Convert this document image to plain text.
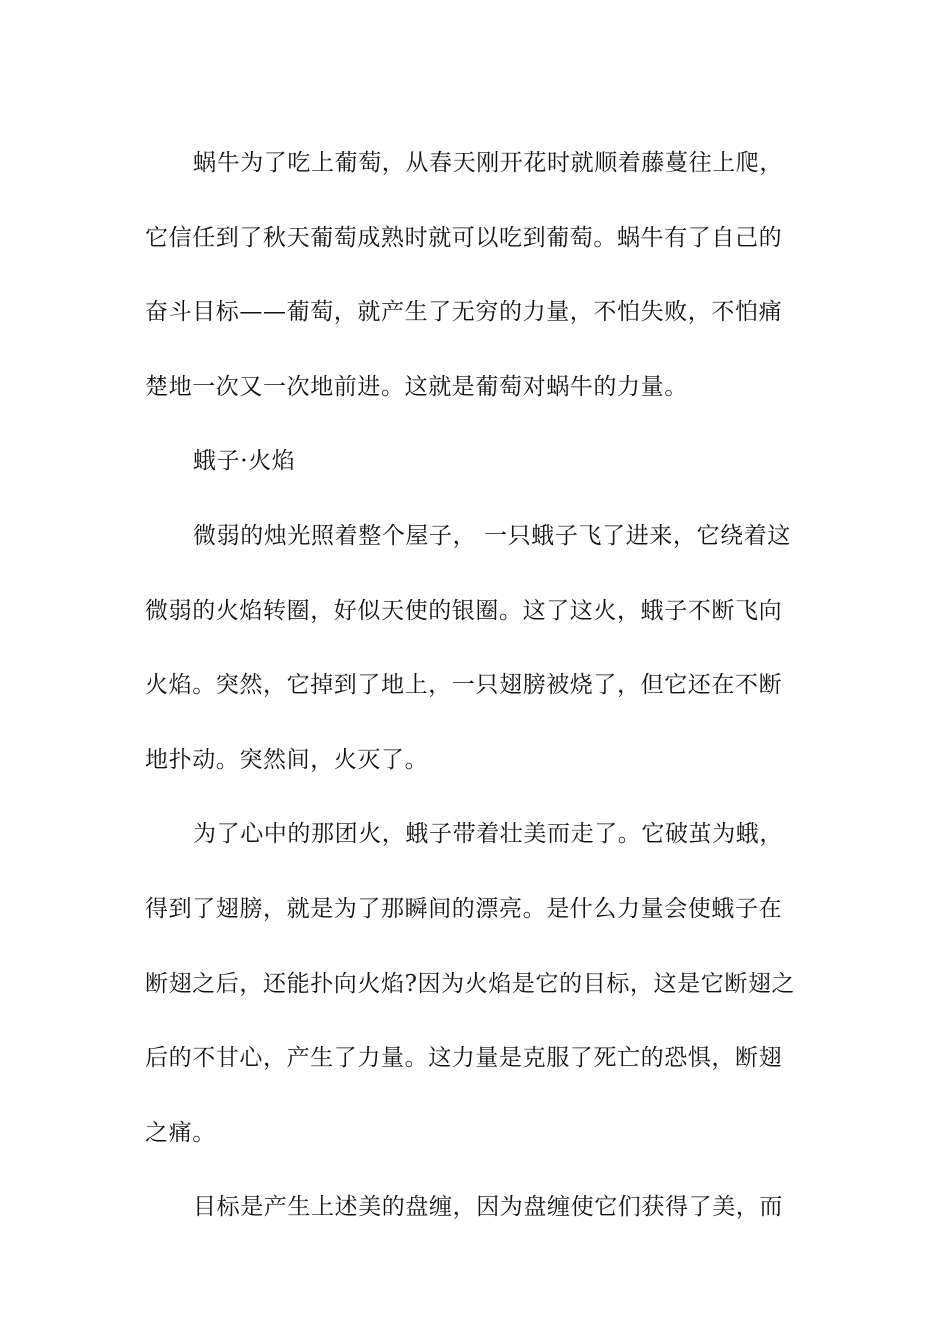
蜗牛为了吃上葡萄，从春天刚开花时就顺着藤蔓往上爬，
它信任到了秋天葡萄成熟时就可以吃到葡萄。蜗牛有了自己的
奋斗目标——葡萄，就产生了无穷的力量，不怕失败，不怕痛
楚地一次又一次地前进。这就是葡萄对蜗牛的力量。
蛾子·火焰
微弱的烛光照着整个屋子， 一只蛾子飞了进来，它绕着这
微弱的火焰转圈，好似天使的银圈。这了这火，蛾子不断飞向
火焰。突然，它掉到了地上，一只翅膀被烧了，但它还在不断
地扑动。突然间，火灭了。
为了心中的那团火，蛾子带着壮美而走了。它破茧为蛾，
得到了翅膀，就是为了那瞬间的漂亮。是什么力量会使蛾子在
断翅之后，还能扑向火焰?因为火焰是它的目标，这是它断翅之
后的不甘心，产生了力量。这力量是克服了死亡的恐惧，断翅
之痛。
目标是产生上述美的盘缠，因为盘缠使它们获得了美，而
